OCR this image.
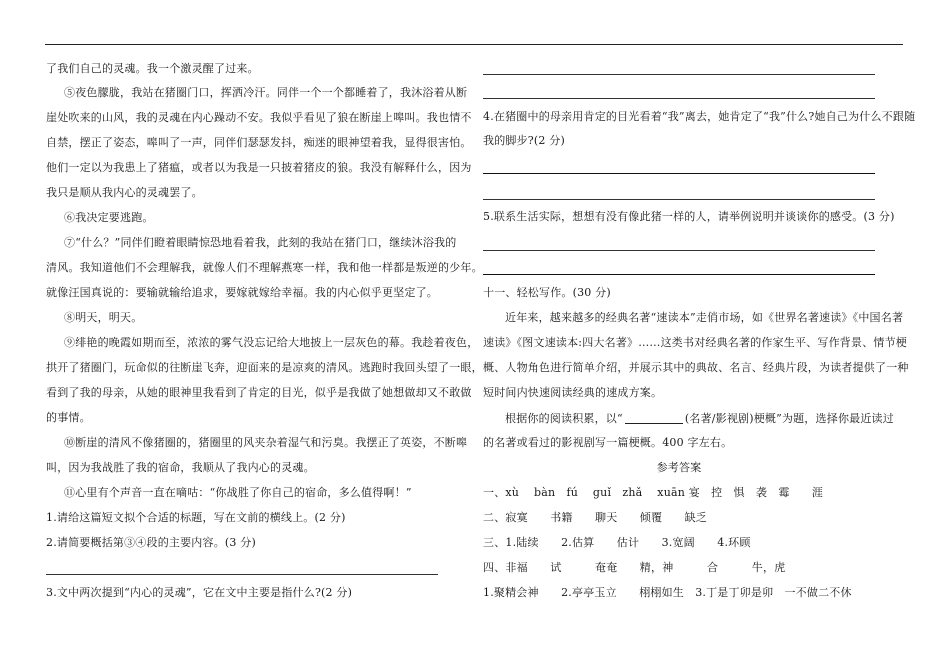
了我们自己的灵魂。我一个激灵醒了过来。
⑤夜色朦胧，我站在猪圈门口，挥洒冷汗。同伴一个一个都睡着了，我沐浴着从断
崖处吹来的山风，我的灵魂在内心躁动不安。我似乎看见了狼在断崖上嗥叫。我也情不
自禁，摆正了姿态，嗥叫了一声，同伴们瑟瑟发抖，痴迷的眼神望着我，显得很害怕。
他们一定以为我患上了猪瘟，或者以为我是一只披着猪皮的狼。我没有解释什么，因为
我只是顺从我内心的灵魂罢了。
⑥我决定要逃跑。
⑦“什么？”同伴们瞪着眼睛惊恐地看着我，此刻的我站在猪门口，继续沐浴我的
清风。我知道他们不会理解我，就像人们不理解燕寒一样，我和他一样都是叛逆的少年。
就像汪国真说的：要输就输给追求，要嫁就嫁给幸福。我的内心似乎更坚定了。
⑧明天，明天。
⑨绯艳的晚霞如期而至，浓浓的雾气没忘记给大地披上一层灰色的幕。我趁着夜色，
拱开了猪圈门，玩命似的往断崖飞奔，迎面来的是凉爽的清风。逃跑时我回头望了一眼，
看到了我的母亲，从她的眼神里我看到了肯定的目光，似乎是我做了她想做却又不敢做
的事情。
⑩断崖的清风不像猪圈的，猪圈里的风夹杂着湿气和污臭。我摆正了英姿，不断嗥
叫，因为我战胜了我的宿命，我顺从了我内心的灵魂。
⑪心里有个声音一直在嘀咕：“你战胜了你自己的宿命，多么值得啊！”
1.请给这篇短文拟个合适的标题，写在文前的横线上。(2 分)
2.请简要概括第③④段的主要内容。(3 分)
3.文中两次提到“内心的灵魂”，它在文中主要是指什么?(2 分)
4.在猪圈中的母亲用肯定的目光看着“我”离去，她肯定了“我”什么?她自己为什么不跟随
我的脚步?(2 分)
5.联系生活实际，想想有没有像此猪一样的人，请举例说明并谈谈你的感受。(3 分)
十一、轻松写作。(30 分)
近年来，越来越多的经典名著“速读本”走俏市场，如《世界名著速读》《中国名著
速读》《图文速读本:四大名著》……这类书对经典名著的作家生平、写作背景、情节梗
概、人物角色进行简单介绍，并展示其中的典故、名言、经典片段，为读者提供了一种
短时间内快速阅读经典的速成方案。
根据你的阅读积累，以“	(名著/影视剧)梗概”为题，选择你最近读过
的名著或看过的影视剧写一篇梗概。400 字左右。
参考答案
一、xù　 bàn　fú　 guǐ　zhǎ　 xuān 宴　控　惧　袭　霉　　涯
二、寂寞　　书籍　　聊天　　倾覆　　缺乏
三、1.陆续　　2.估算　　估计　　3.宽阔　　4.环顾
四、非福　　试　　　奄奄　　精，神　　　合　　　牛，虎
1.聚精会神　　2.亭亭玉立　　栩栩如生　3.丁是丁卯是卯　一不做二不休
